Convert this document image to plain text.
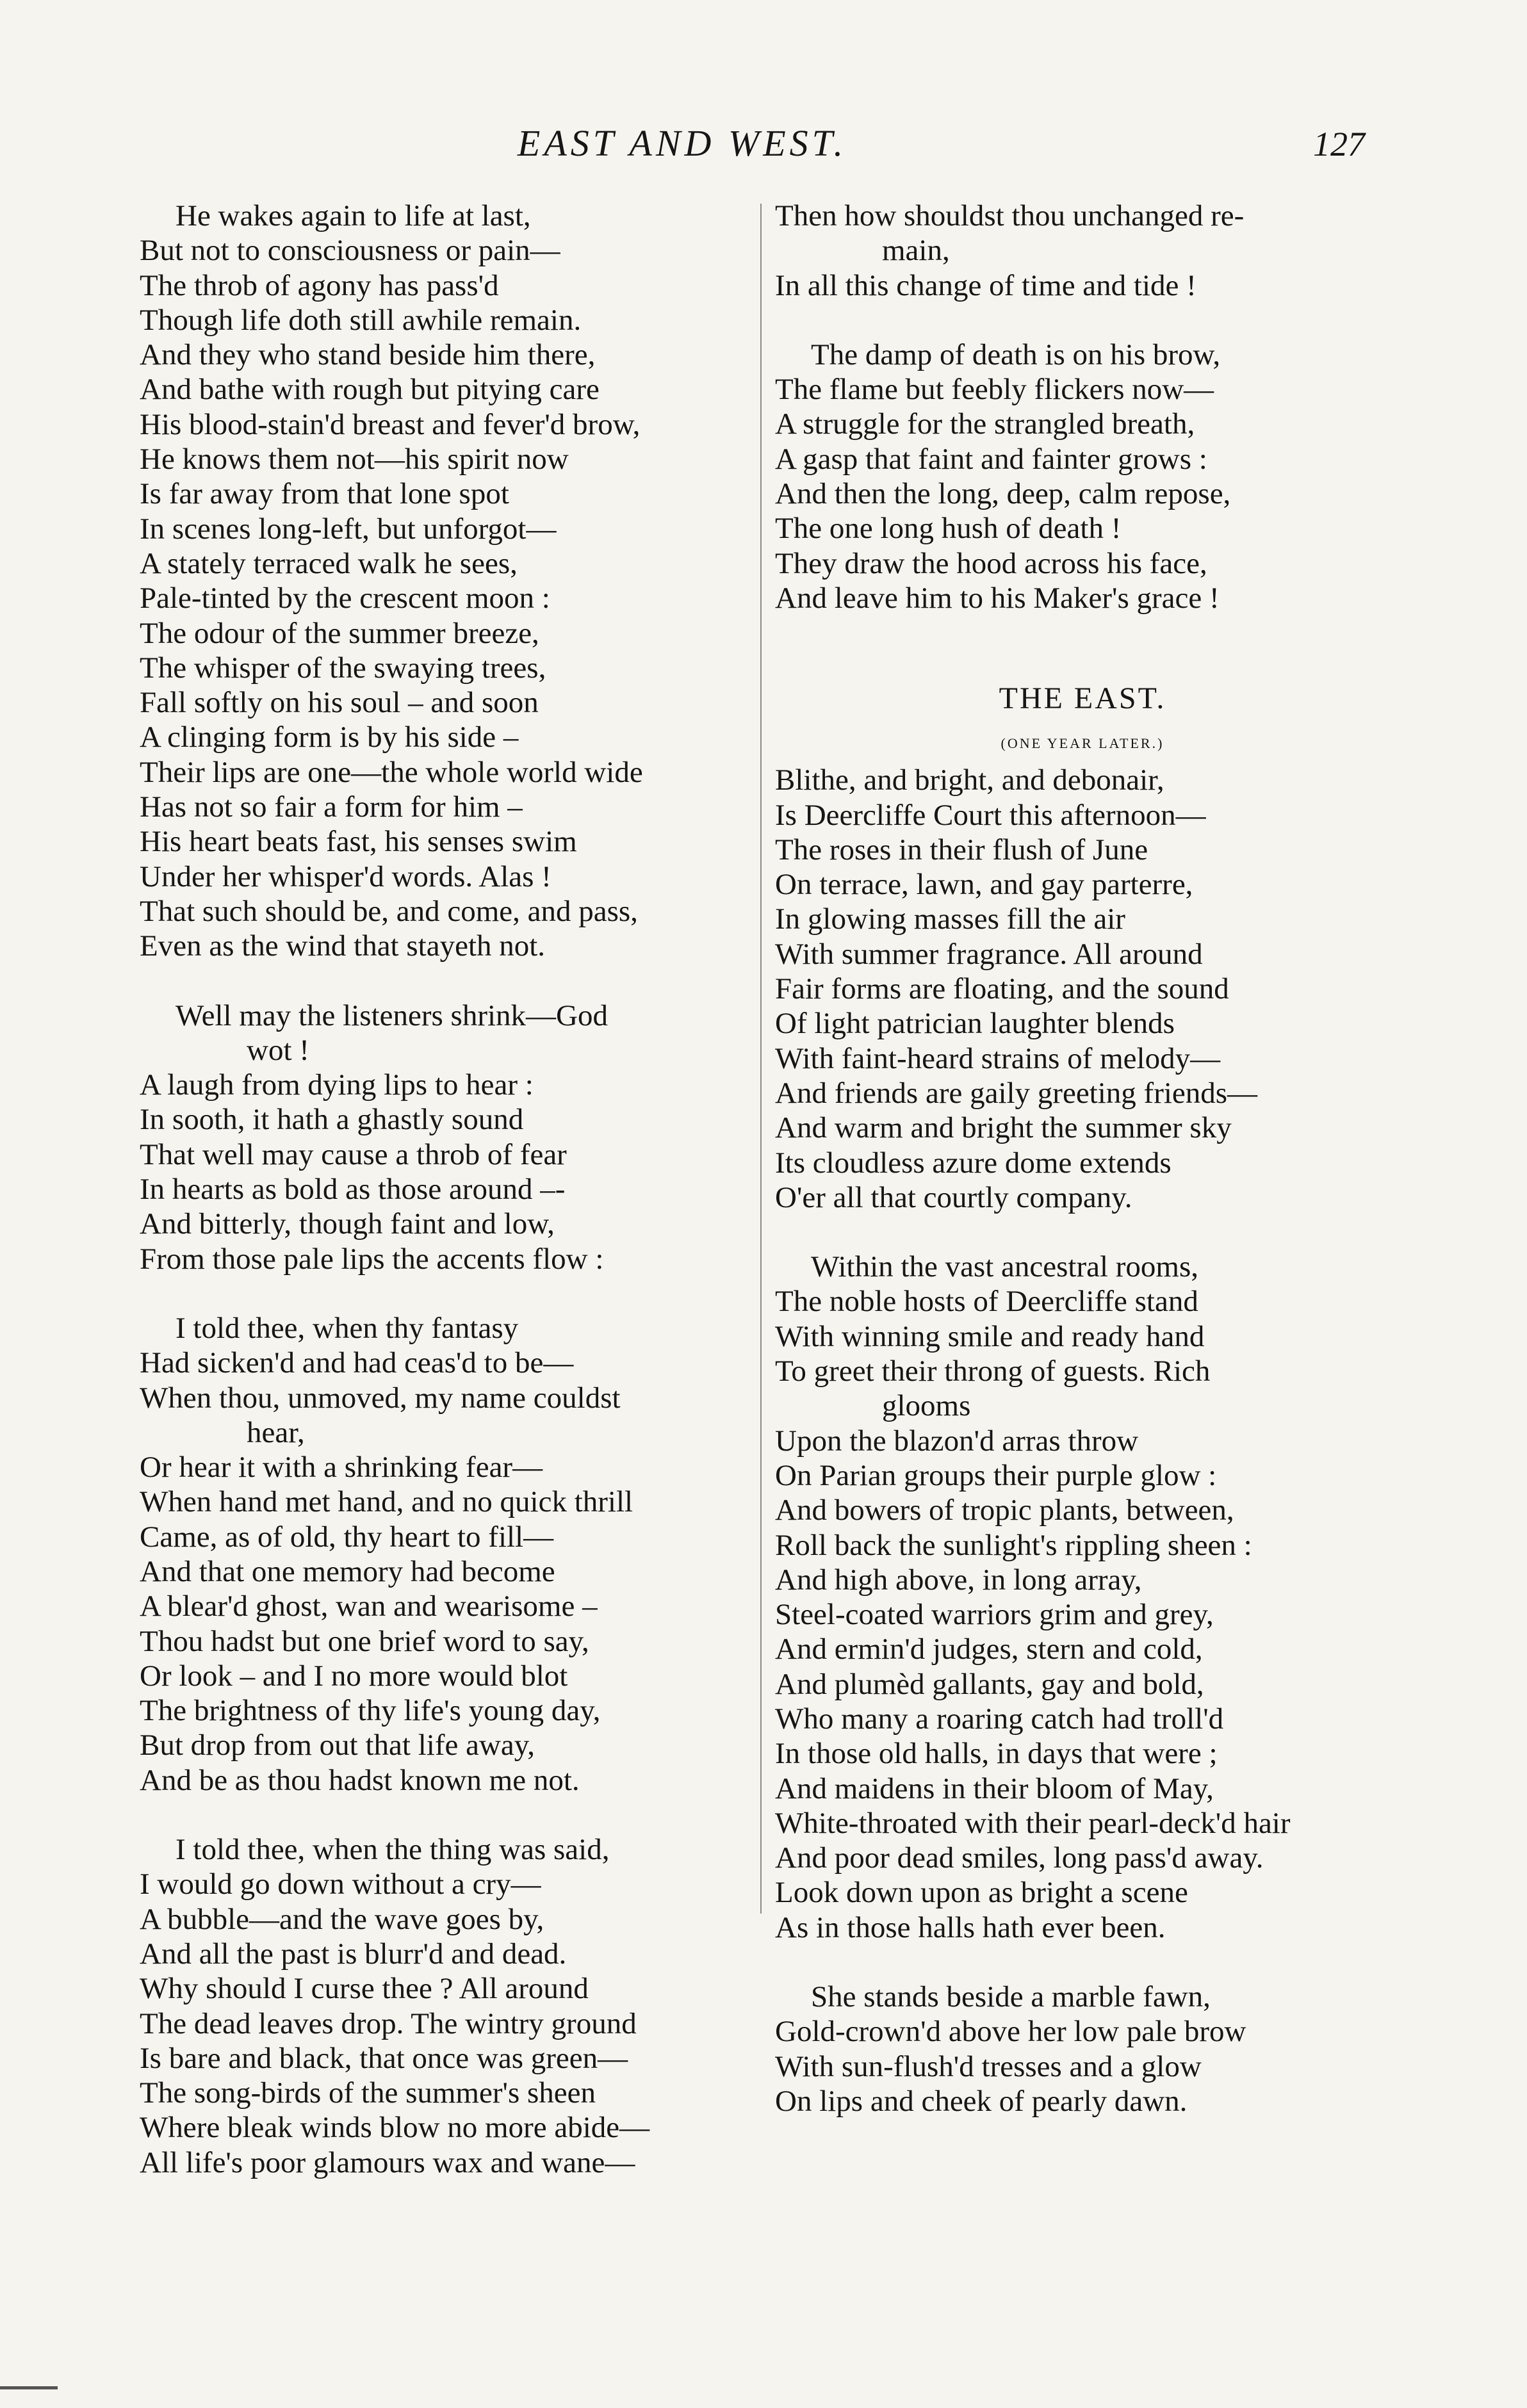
EAST AND WEST.	127
He wakes again to life at last,
But not to consciousness or pain—
The throb of agony has pass'd
Though life doth still awhile remain.
And they who stand beside him there,
And bathe with rough but pitying care
His blood-stain'd breast and fever'd brow,
He knows them not—his spirit now
Is far away from that lone spot
In scenes long-left, but unforgot—
A stately terraced walk he sees,
Pale-tinted by the crescent moon :
The odour of the summer breeze,
The whisper of the swaying trees,
Fall softly on his soul – and soon
A clinging form is by his side –
Their lips are one—the whole world wide
Has not so fair a form for him –
His heart beats fast, his senses swim
Under her whisper'd words. Alas !
That such should be, and come, and pass,
Even as the wind that stayeth not.
Well may the listeners shrink—God
wot !
A laugh from dying lips to hear :
In sooth, it hath a ghastly sound
That well may cause a throb of fear
In hearts as bold as those around –-
And bitterly, though faint and low,
From those pale lips the accents flow :
I told thee, when thy fantasy
Had sicken'd and had ceas'd to be—
When thou, unmoved, my name couldst
hear,
Or hear it with a shrinking fear—
When hand met hand, and no quick thrill
Came, as of old, thy heart to fill—
And that one memory had become
A blear'd ghost, wan and wearisome –
Thou hadst but one brief word to say,
Or look – and I no more would blot
The brightness of thy life's young day,
But drop from out that life away,
And be as thou hadst known me not.
I told thee, when the thing was said,
I would go down without a cry—
A bubble—and the wave goes by,
And all the past is blurr'd and dead.
Why should I curse thee ? All around
The dead leaves drop. The wintry ground
Is bare and black, that once was green—
The song-birds of the summer's sheen
Where bleak winds blow no more abide—
All life's poor glamours wax and wane—
Then how shouldst thou unchanged re-
main,
In all this change of time and tide !
The damp of death is on his brow,
The flame but feebly flickers now—
A struggle for the strangled breath,
A gasp that faint and fainter grows :
And then the long, deep, calm repose,
The one long hush of death !
They draw the hood across his face,
And leave him to his Maker's grace !
THE EAST.
(ONE YEAR LATER.)
Blithe, and bright, and debonair,
Is Deercliffe Court this afternoon—
The roses in their flush of June
On terrace, lawn, and gay parterre,
In glowing masses fill the air
With summer fragrance. All around
Fair forms are floating, and the sound
Of light patrician laughter blends
With faint-heard strains of melody—
And friends are gaily greeting friends—
And warm and bright the summer sky
Its cloudless azure dome extends
O'er all that courtly company.
Within the vast ancestral rooms,
The noble hosts of Deercliffe stand
With winning smile and ready hand
To greet their throng of guests. Rich
glooms
Upon the blazon'd arras throw
On Parian groups their purple glow :
And bowers of tropic plants, between,
Roll back the sunlight's rippling sheen :
And high above, in long array,
Steel-coated warriors grim and grey,
And ermin'd judges, stern and cold,
And plumèd gallants, gay and bold,
Who many a roaring catch had troll'd
In those old halls, in days that were ;
And maidens in their bloom of May,
White-throated with their pearl-deck'd hair
And poor dead smiles, long pass'd away.
Look down upon as bright a scene
As in those halls hath ever been.
She stands beside a marble fawn,
Gold-crown'd above her low pale brow
With sun-flush'd tresses and a glow
On lips and cheek of pearly dawn.
